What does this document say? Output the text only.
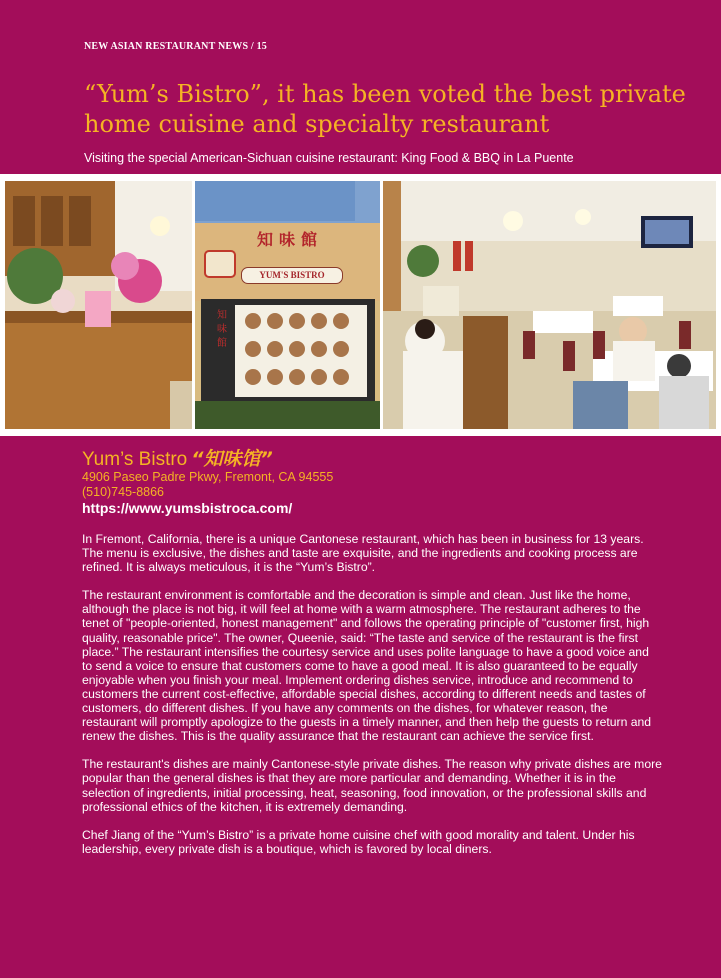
NEW ASIAN RESTAURANT NEWS / 15
“Yum’s Bistro”, it has been voted the best private home cuisine and specialty restaurant
Visiting the special American-Sichuan cuisine restaurant: King Food & BBQ in La Puente
知味館
YUM'S BISTRO
知味館
Yum’s Bistro “知味馆”
4906 Paseo Padre Pkwy, Fremont, CA 94555
(510)745-8866
https://www.yumsbistroca.com/

In Fremont, California, there is a unique Cantonese restaurant, which has been in business for 13 years. The menu is exclusive, the dishes and taste are exquisite, and the ingredients and cooking process are refined. It is always meticulous, it is the “Yum’s Bistro”.

The restaurant environment is comfortable and the decoration is simple and clean. Just like the home, although the place is not big, it will feel at home with a warm atmosphere. The restaurant adheres to the tenet of "people-oriented, honest management" and follows the operating principle of "customer first, high quality, reasonable price". The owner, Queenie, said: “The taste and service of the restaurant is the first place.” The restaurant intensifies the courtesy service and uses polite language to have a good voice and to send a voice to ensure that customers come to have a good meal. It is also guaranteed to be equally enjoyable when you finish your meal. Implement ordering dishes service, introduce and recommend to customers the current cost-effective, affordable special dishes, according to different needs and tastes of customers, do different dishes. If you have any comments on the dishes, for whatever reason, the restaurant will promptly apologize to the guests in a timely manner, and then help the guests to return and renew the dishes. This is the quality assurance that the restaurant can achieve the service first.

The restaurant's dishes are mainly Cantonese-style private dishes. The reason why private dishes are more popular than the general dishes is that they are more particular and demanding. Whether it is in the selection of ingredients, initial processing, heat, seasoning, food innovation, or the professional skills and professional ethics of the kitchen, it is extremely demanding.

Chef Jiang of the “Yum’s Bistro” is a private home cuisine chef with good morality and talent. Under his leadership, every private dish is a boutique, which is favored by local diners.
